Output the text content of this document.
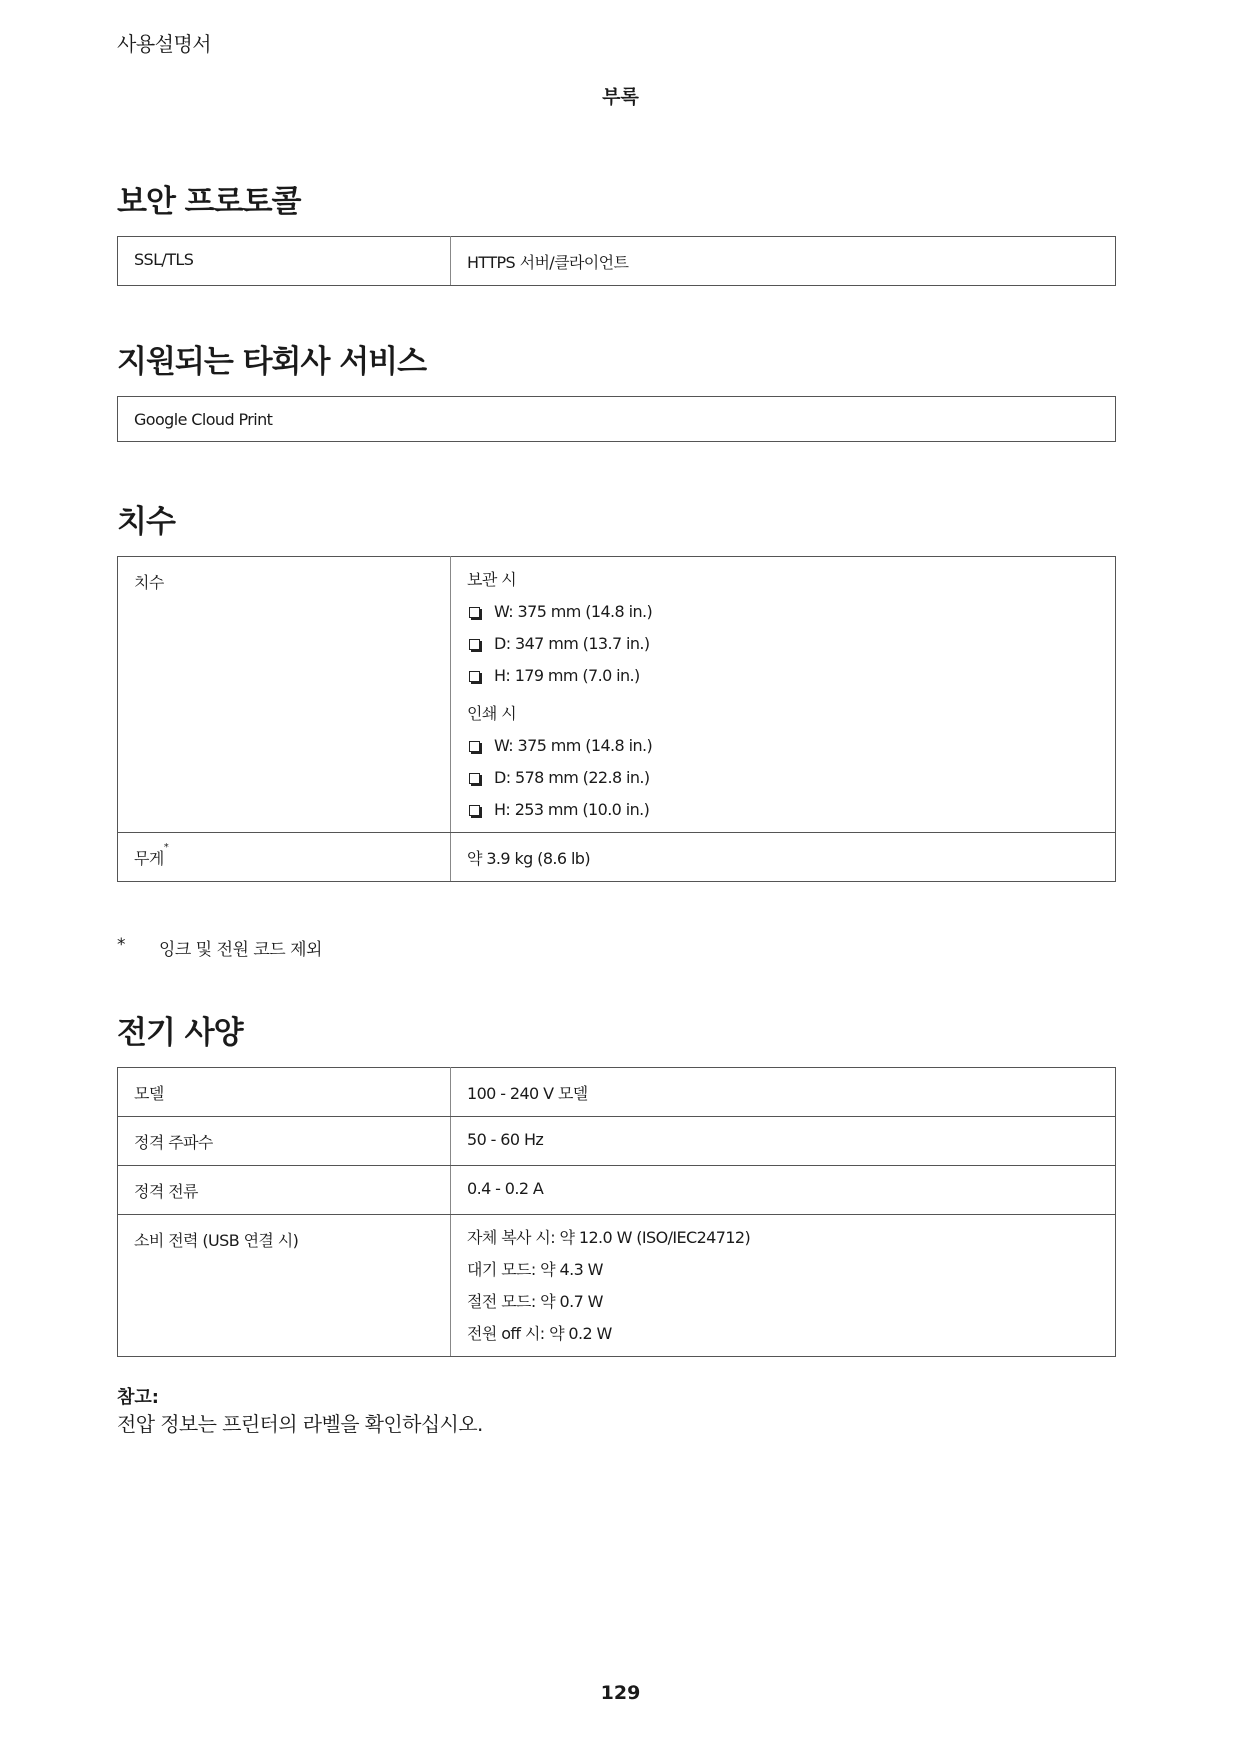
사용설명서
부록
보안 프로토콜
SSL/TLS	HTTPS 서버/클라이언트
지원되는 타회사 서비스
Google Cloud Print
치수
치수	보관 시
W: 375 mm (14.8 in.)
D: 347 mm (13.7 in.)
H: 179 mm (7.0 in.)
인쇄 시
W: 375 mm (14.8 in.)
D: 578 mm (22.8 in.)
H: 253 mm (10.0 in.)

무게*	약 3.9 kg (8.6 lb)
*	잉크 및 전원 코드 제외
전기 사양
모델	100 - 240 V 모델
정격 주파수	50 - 60 Hz
정격 전류	0.4 - 0.2 A
소비 전력 (USB 연결 시)	자체 복사 시: 약 12.0 W (ISO/IEC24712)
대기 모드: 약 4.3 W
절전 모드: 약 0.7 W
전원 off 시: 약 0.2 W
참고:
전압 정보는 프린터의 라벨을 확인하십시오.
129
